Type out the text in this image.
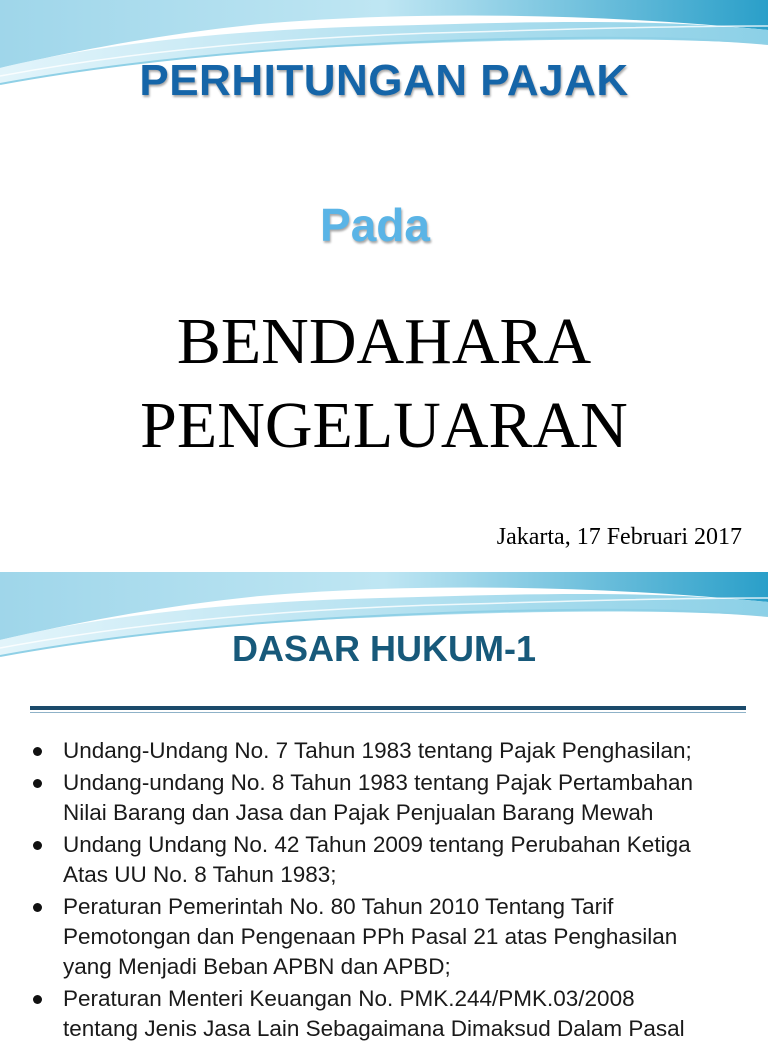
PERHITUNGAN PAJAK
Pada
BENDAHARA
PENGELUARAN
Jakarta, 17 Februari 2017
DASAR HUKUM-1
Undang-Undang No. 7 Tahun 1983 tentang Pajak Penghasilan;
Undang-undang No. 8 Tahun 1983 tentang Pajak Pertambahan
Nilai Barang dan Jasa dan Pajak Penjualan Barang Mewah
Undang Undang No. 42 Tahun 2009 tentang Perubahan Ketiga
Atas UU No. 8 Tahun 1983;
Peraturan Pemerintah No. 80 Tahun 2010 Tentang Tarif
Pemotongan dan Pengenaan PPh Pasal 21 atas Penghasilan
yang Menjadi Beban APBN dan APBD;
Peraturan Menteri Keuangan No. PMK.244/PMK.03/2008
tentang Jenis Jasa Lain Sebagaimana Dimaksud Dalam Pasal
